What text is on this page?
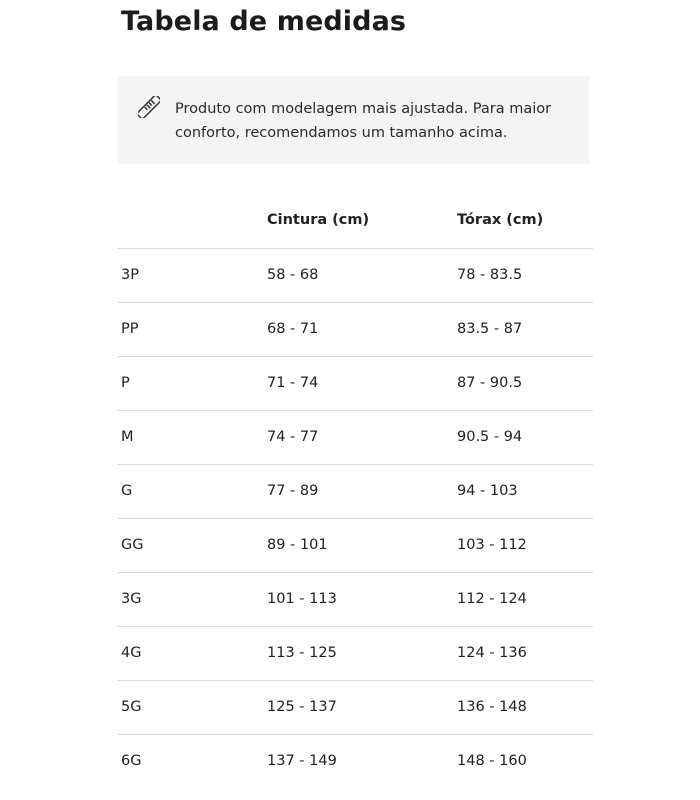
Tabela de medidas
Produto com modelagem mais ajustada. Para maior conforto, recomendamos um tamanho acima.
	Cintura (cm)	Tórax (cm)
3P	58 - 68	78 - 83.5
PP	68 - 71	83.5 - 87
P	71 - 74	87 - 90.5
M	74 - 77	90.5 - 94
G	77 - 89	94 - 103
GG	89 - 101	103 - 112
3G	101 - 113	112 - 124
4G	113 - 125	124 - 136
5G	125 - 137	136 - 148
6G	137 - 149	148 - 160
